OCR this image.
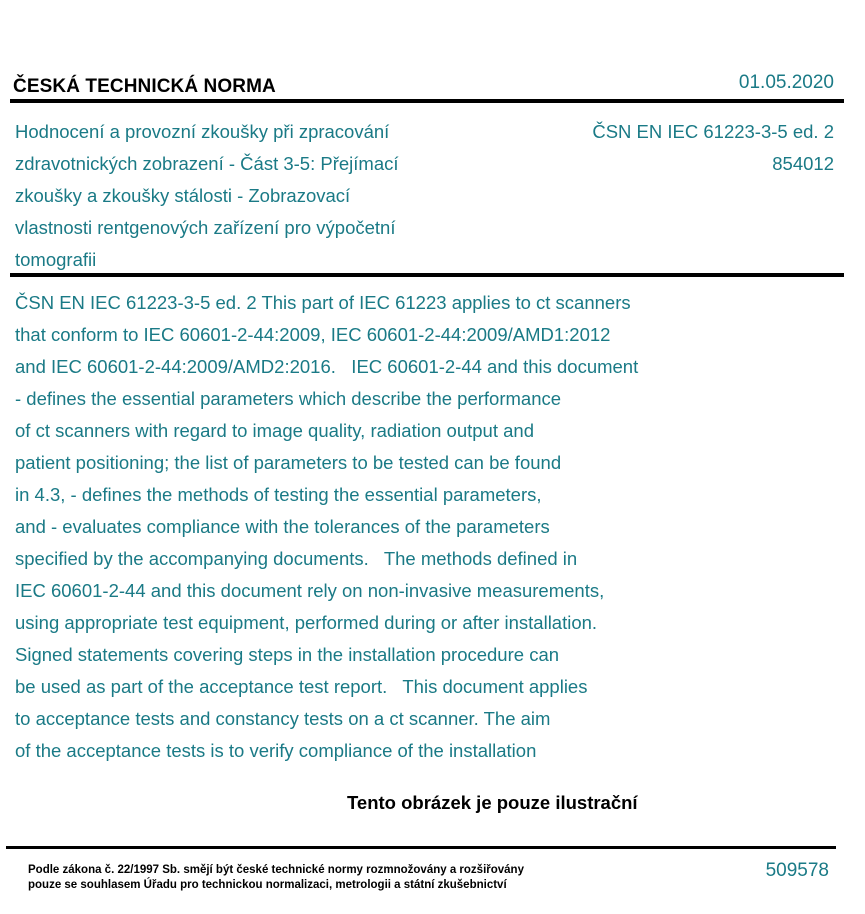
ČESKÁ TECHNICKÁ NORMA	01.05.2020
Hodnocení a provozní zkoušky při zpracování
zdravotnických zobrazení - Část 3-5: Přejímací
zkoušky a zkoušky stálosti - Zobrazovací
vlastnosti rentgenových zařízení pro výpočetní
tomografii
ČSN EN IEC 61223-3-5 ed. 2
854012
ČSN EN IEC 61223-3-5 ed. 2 This part of IEC 61223 applies to ct scanners
that conform to IEC 60601-2-44:2009, IEC 60601-2-44:2009/AMD1:2012
and IEC 60601-2-44:2009/AMD2:2016.   IEC 60601-2-44 and this document
- defines the essential parameters which describe the performance
of ct scanners with regard to image quality, radiation output and
patient positioning; the list of parameters to be tested can be found
in 4.3, - defines the methods of testing the essential parameters,
and - evaluates compliance with the tolerances of the parameters
specified by the accompanying documents.   The methods defined in
IEC 60601-2-44 and this document rely on non-invasive measurements,
using appropriate test equipment, performed during or after installation.
Signed statements covering steps in the installation procedure can
be used as part of the acceptance test report.   This document applies
to acceptance tests and constancy tests on a ct scanner. The aim
of the acceptance tests is to verify compliance of the installation
Tento obrázek je pouze ilustrační
Podle zákona č. 22/1997 Sb. smějí být české technické normy rozmnožovány a rozšiřovány
pouze se souhlasem Úřadu pro technickou normalizaci, metrologii a státní zkušebnictví
509578
